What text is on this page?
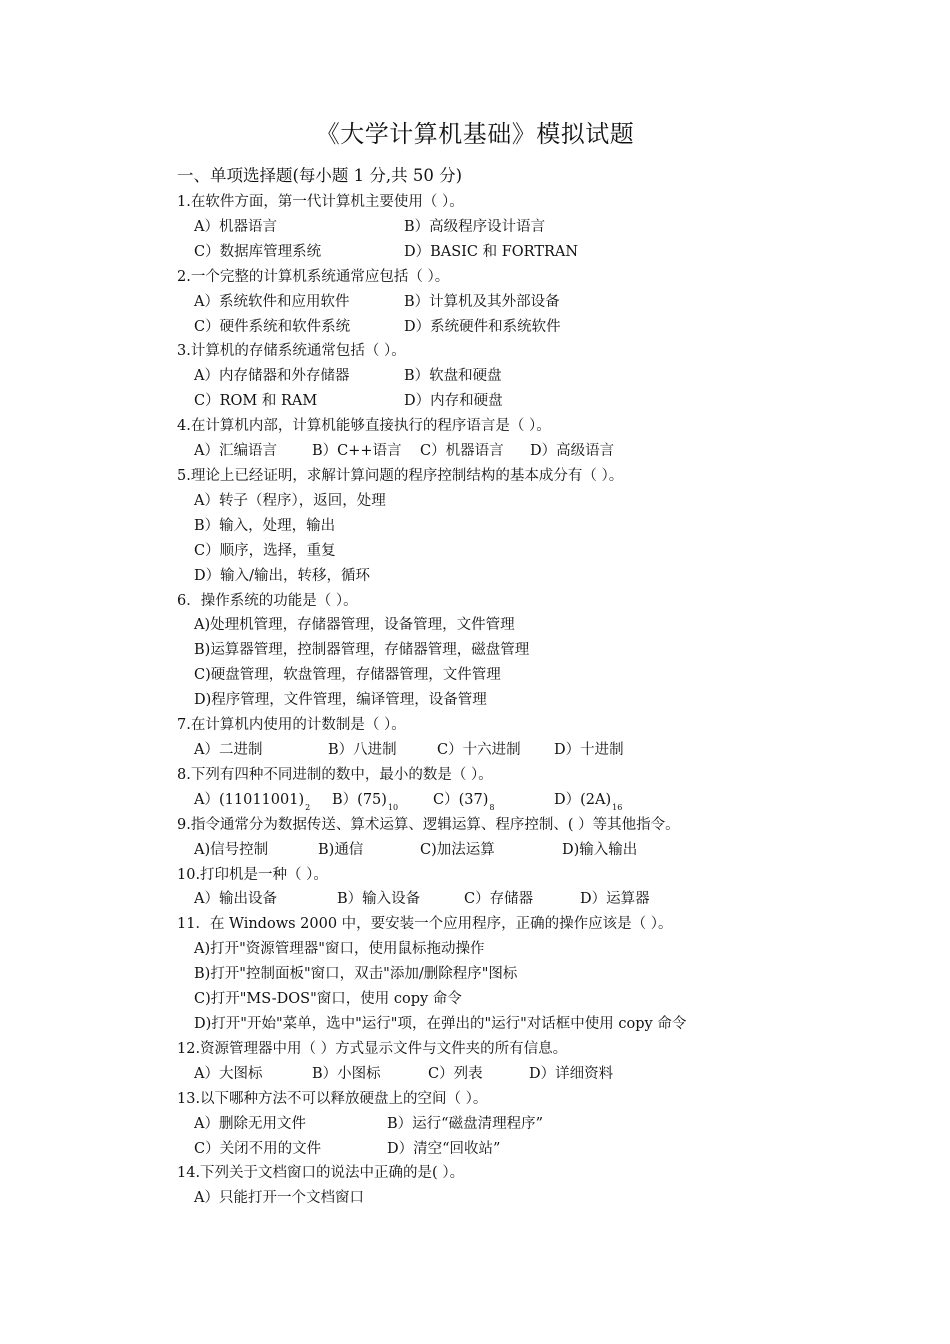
《大学计算机基础》模拟试题
一、单项选择题(每小题 1 分,共 50 分)
1.在软件方面，第一代计算机主要使用（ ）。
A）机器语言	B）高级程序设计语言
C）数据库管理系统	D）BASIC 和 FORTRAN
2.一个完整的计算机系统通常应包括（ ）。
A）系统软件和应用软件	B）计算机及其外部设备
C）硬件系统和软件系统	D）系统硬件和系统软件
3.计算机的存储系统通常包括（ ）。
A）内存储器和外存储器	B）软盘和硬盘
C）ROM 和 RAM	D）内存和硬盘
4.在计算机内部，计算机能够直接执行的程序语言是（ ）。
A）汇编语言 B）C++语言 C）机器语言 D）高级语言
5.理论上已经证明，求解计算问题的程序控制结构的基本成分有（ ）。
A）转子（程序），返回，处理
B）输入，处理，输出
C）顺序，选择，重复
D）输入/输出，转移，循环
6．操作系统的功能是（ ）。
A)处理机管理，存储器管理，设备管理，文件管理
B)运算器管理，控制器管理，存储器管理，磁盘管理
C)硬盘管理，软盘管理，存储器管理，文件管理
D)程序管理，文件管理，编译管理，设备管理
7.在计算机内使用的计数制是（ ）。
A）二进制	B）八进制	C）十六进制 D）十进制
8.下列有四种不同进制的数中，最小的数是（ ）。
$A)(11011001)_2$ $B)(75)_{10}$ $C)(37)_8$	$D)(2A)_{16}$
9.指令通常分为数据传送、算术运算、逻辑运算、程序控制、( ）等其他指令。
A)信号控制	B)通信	C)加法运算	D)输入输出
10.打印机是一种（ ）。
A）输出设备	B）输入设备	C）存储器	D）运算器
11．在 Windows 2000 中，要安装一个应用程序，正确的操作应该是（ ）。
A)打开"资源管理器"窗口，使用鼠标拖动操作
B)打开"控制面板"窗口，双击"添加/删除程序"图标
C)打开"MS-DOS"窗口，使用 copy 命令
D)打开"开始"菜单，选中"运行"项，在弹出的"运行"对话框中使用 copy 命令
12.资源管理器中用（ ）方式显示文件与文件夹的所有信息。
A）大图标	B）小图标	C）列表	D）详细资料
13.以下哪种方法不可以释放硬盘上的空间（ ）。
A）删除无用文件	B）运行“磁盘清理程序”
C）关闭不用的文件	D）清空“回收站”
14.下列关于文档窗口的说法中正确的是( ）。
A）只能打开一个文档窗口
